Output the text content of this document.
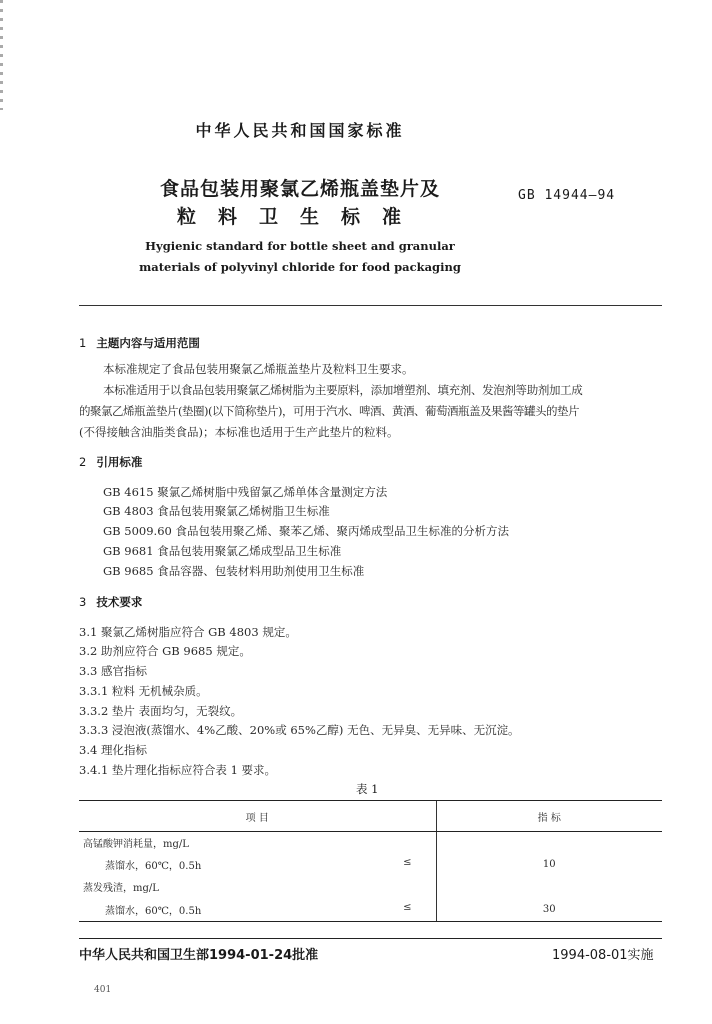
中华人民共和国国家标准
食品包装用聚氯乙烯瓶盖垫片及
粒料卫生标准
GB 14944—94
Hygienic standard for bottle sheet and granular
materials of polyvinyl chloride for food packaging
1 主题内容与适用范围
本标准规定了食品包装用聚氯乙烯瓶盖垫片及粒料卫生要求。
本标准适用于以食品包装用聚氯乙烯树脂为主要原料，添加增塑剂、填充剂、发泡剂等助剂加工成
的聚氯乙烯瓶盖垫片(垫圈)(以下简称垫片)，可用于汽水、啤酒、黄酒、葡萄酒瓶盖及果酱等罐头的垫片
(不得接触含油脂类食品)；本标准也适用于生产此垫片的粒料。
2 引用标准
GB 4615 聚氯乙烯树脂中残留氯乙烯单体含量测定方法
GB 4803 食品包装用聚氯乙烯树脂卫生标准
GB 5009.60 食品包装用聚乙烯、聚苯乙烯、聚丙烯成型品卫生标准的分析方法
GB 9681 食品包装用聚氯乙烯成型品卫生标准
GB 9685 食品容器、包装材料用助剂使用卫生标准
3 技术要求
3.1 聚氯乙烯树脂应符合 GB 4803 规定。
3.2 助剂应符合 GB 9685 规定。
3.3 感官指标
3.3.1 粒料 无机械杂质。
3.3.2 垫片 表面均匀，无裂纹。
3.3.3 浸泡液(蒸馏水、4%乙酸、20%或 65%乙醇) 无色、无异臭、无异味、无沉淀。
3.4 理化指标
3.4.1 垫片理化指标应符合表 1 要求。
表 1
项 目	指 标
高锰酸钾消耗量，mg/L	
蒸馏水，60℃，0.5h ≤	10
蒸发残渣，mg/L	
蒸馏水，60℃，0.5h ≤	30
中华人民共和国卫生部1994-01-24批准	1994-08-01实施
401
